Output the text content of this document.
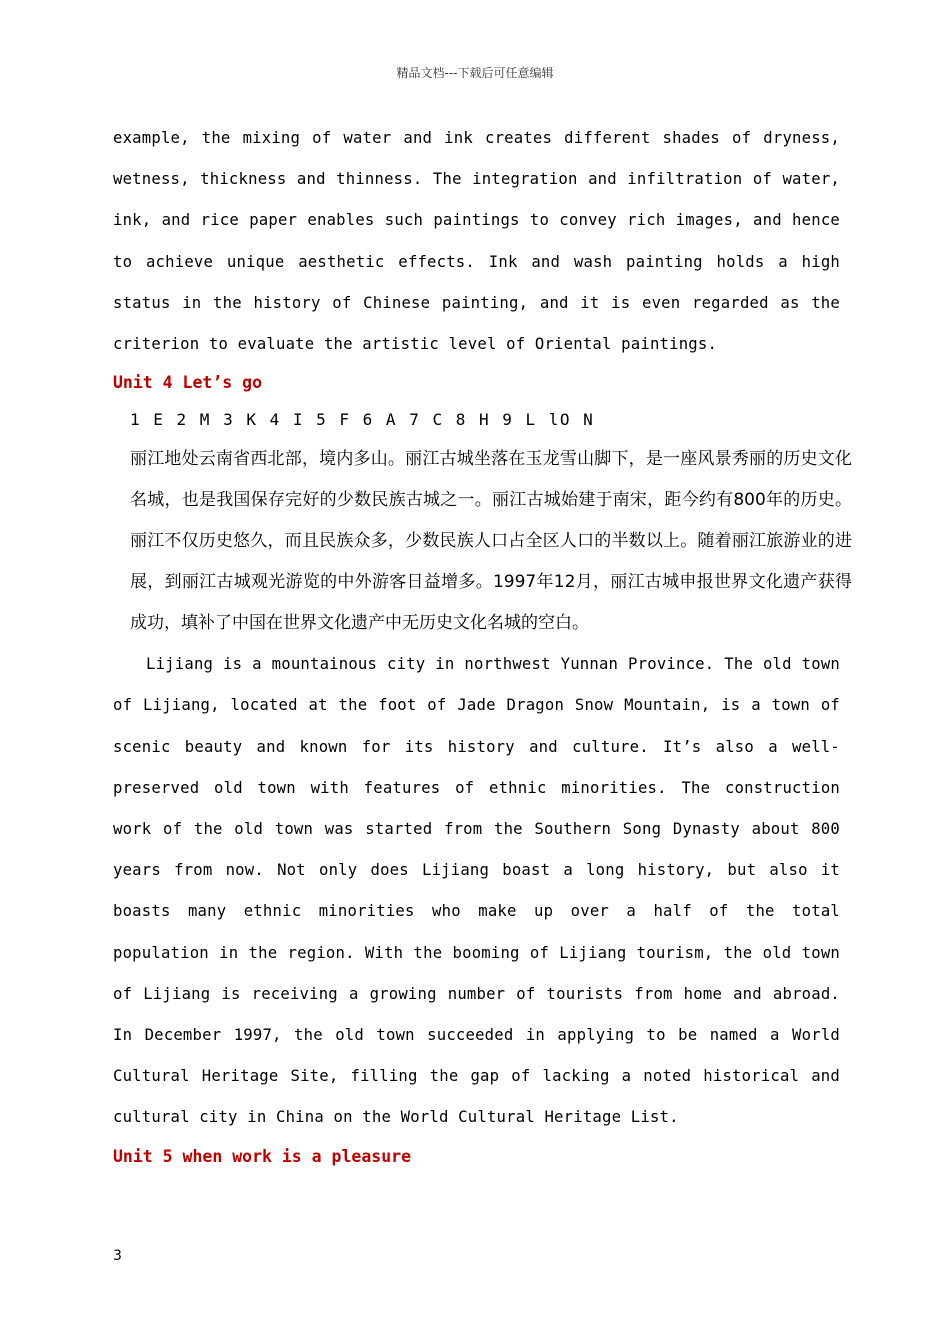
精品文档---下载后可任意编辑

example, the mixing of water and ink creates different shades of dryness, wetness, thickness and thinness. The integration and infiltration of water, ink, and rice paper enables such paintings to convey rich images, and hence to achieve unique aesthetic effects. Ink and wash painting holds a high status in the history of Chinese painting, and it is even regarded as the criterion to evaluate the artistic level of Oriental paintings.

Unit 4 Let’s go

1 E 2 M 3 K 4 I 5 F 6 A 7 C 8 H 9 L lO N

丽江地处云南省西北部，境内多山。丽江古城坐落在玉龙雪山脚下，是一座风景秀丽的历史文化名城，也是我国保存完好的少数民族古城之一。丽江古城始建于南宋，距今约有800年的历史。丽江不仅历史悠久，而且民族众多，少数民族人口占全区人口的半数以上。随着丽江旅游业的进展，到丽江古城观光游览的中外游客日益增多。1997年12月，丽江古城申报世界文化遗产获得成功，填补了中国在世界文化遗产中无历史文化名城的空白。

Lijiang is a mountainous city in northwest Yunnan Province. The old town of Lijiang, located at the foot of Jade Dragon Snow Mountain, is a town of scenic beauty and known for its history and culture. It’s also a well-preserved old town with features of ethnic minorities. The construction work of the old town was started from the Southern Song Dynasty about 800 years from now. Not only does Lijiang boast a long history, but also it boasts many ethnic minorities who make up over a half of the total population in the region. With the booming of Lijiang tourism, the old town of Lijiang is receiving a growing number of tourists from home and abroad. In December 1997, the old town succeeded in applying to be named a World Cultural Heritage Site, filling the gap of lacking a noted historical and cultural city in China on the World Cultural Heritage List.

Unit 5 when work is a pleasure

3
